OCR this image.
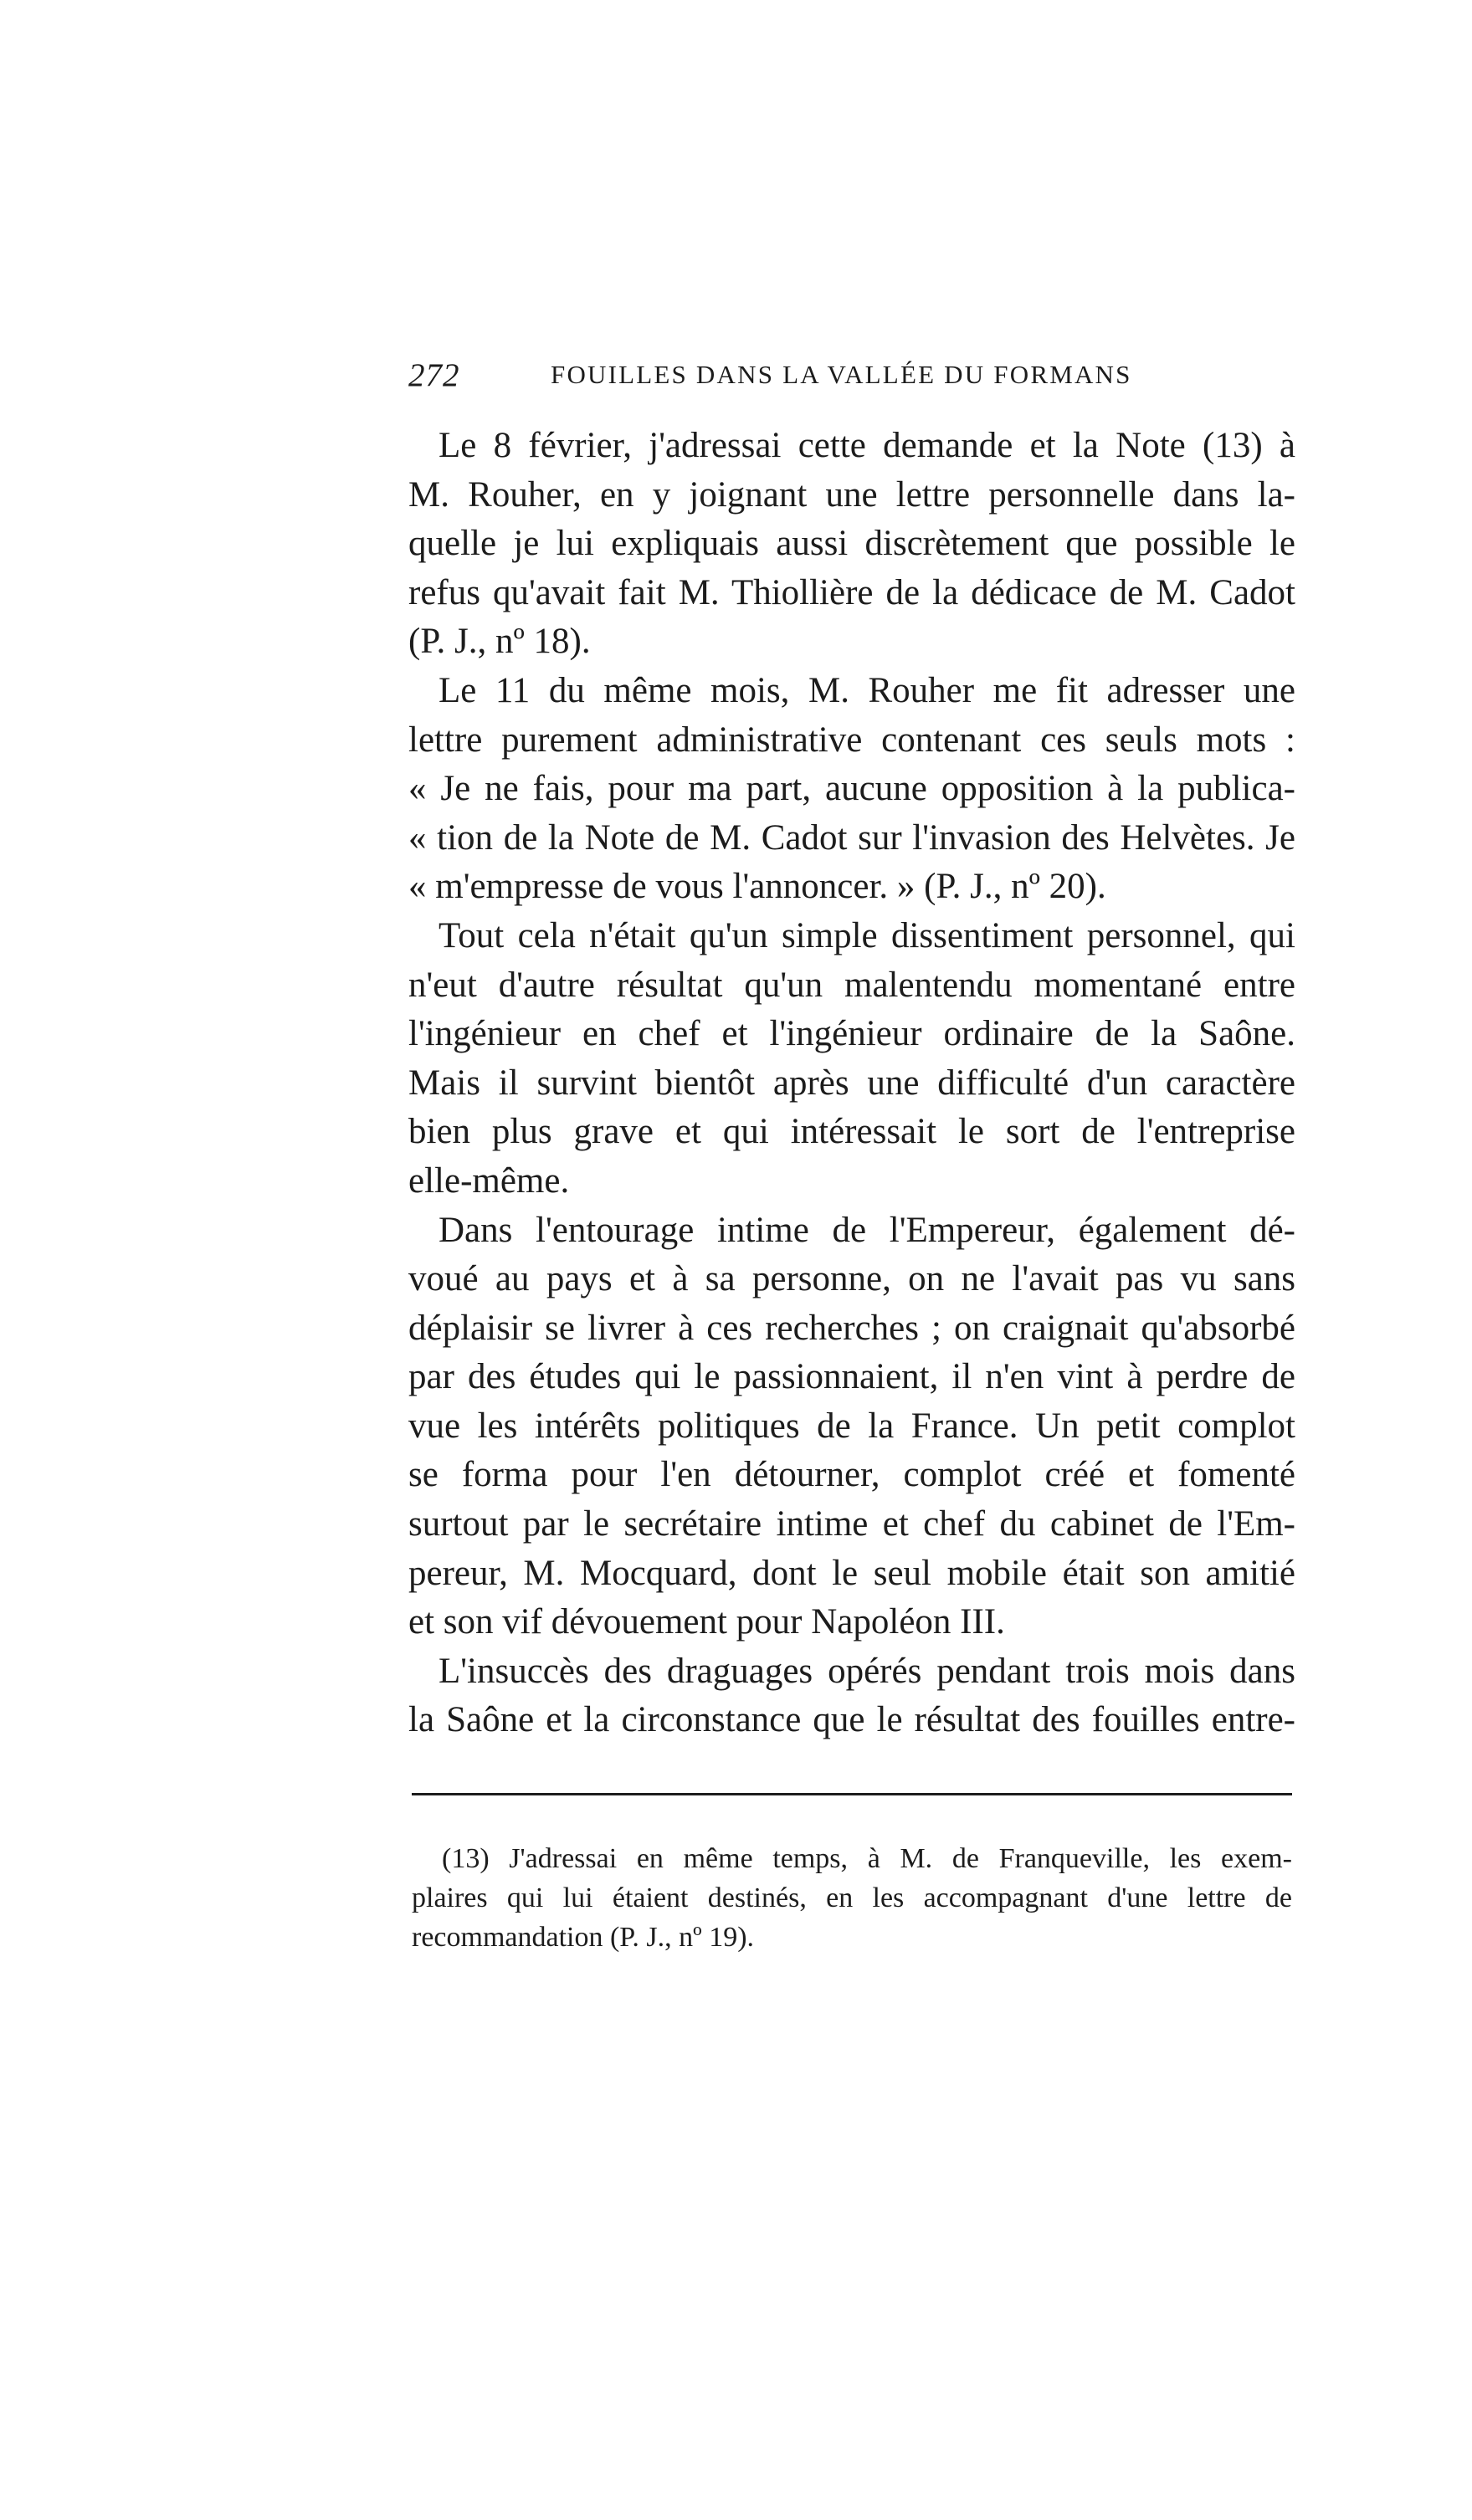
272	FOUILLES DANS LA VALLÉE DU FORMANS
Le 8 février, j'adressai cette demande et la Note (13) à
M. Rouher, en y joignant une lettre personnelle dans la-
quelle je lui expliquais aussi discrètement que possible le
refus qu'avait fait M. Thiollière de la dédicace de M. Cadot
(P. J., nº 18).
Le 11 du même mois, M. Rouher me fit adresser une
lettre purement administrative contenant ces seuls mots :
« Je ne fais, pour ma part, aucune opposition à la publica-
« tion de la Note de M. Cadot sur l'invasion des Helvètes. Je
« m'empresse de vous l'annoncer. » (P. J., nº 20).
Tout cela n'était qu'un simple dissentiment personnel, qui
n'eut d'autre résultat qu'un malentendu momentané entre
l'ingénieur en chef et l'ingénieur ordinaire de la Saône.
Mais il survint bientôt après une difficulté d'un caractère
bien plus grave et qui intéressait le sort de l'entreprise
elle-même.
Dans l'entourage intime de l'Empereur, également dé-
voué au pays et à sa personne, on ne l'avait pas vu sans
déplaisir se livrer à ces recherches ; on craignait qu'absorbé
par des études qui le passionnaient, il n'en vint à perdre de
vue les intérêts politiques de la France. Un petit complot
se forma pour l'en détourner, complot créé et fomenté
surtout par le secrétaire intime et chef du cabinet de l'Em-
pereur, M. Mocquard, dont le seul mobile était son amitié
et son vif dévouement pour Napoléon III.
L'insuccès des draguages opérés pendant trois mois dans
la Saône et la circonstance que le résultat des fouilles entre-
(13) J'adressai en même temps, à M. de Franqueville, les exem-
plaires qui lui étaient destinés, en les accompagnant d'une lettre de
recommandation (P. J., nº 19).
